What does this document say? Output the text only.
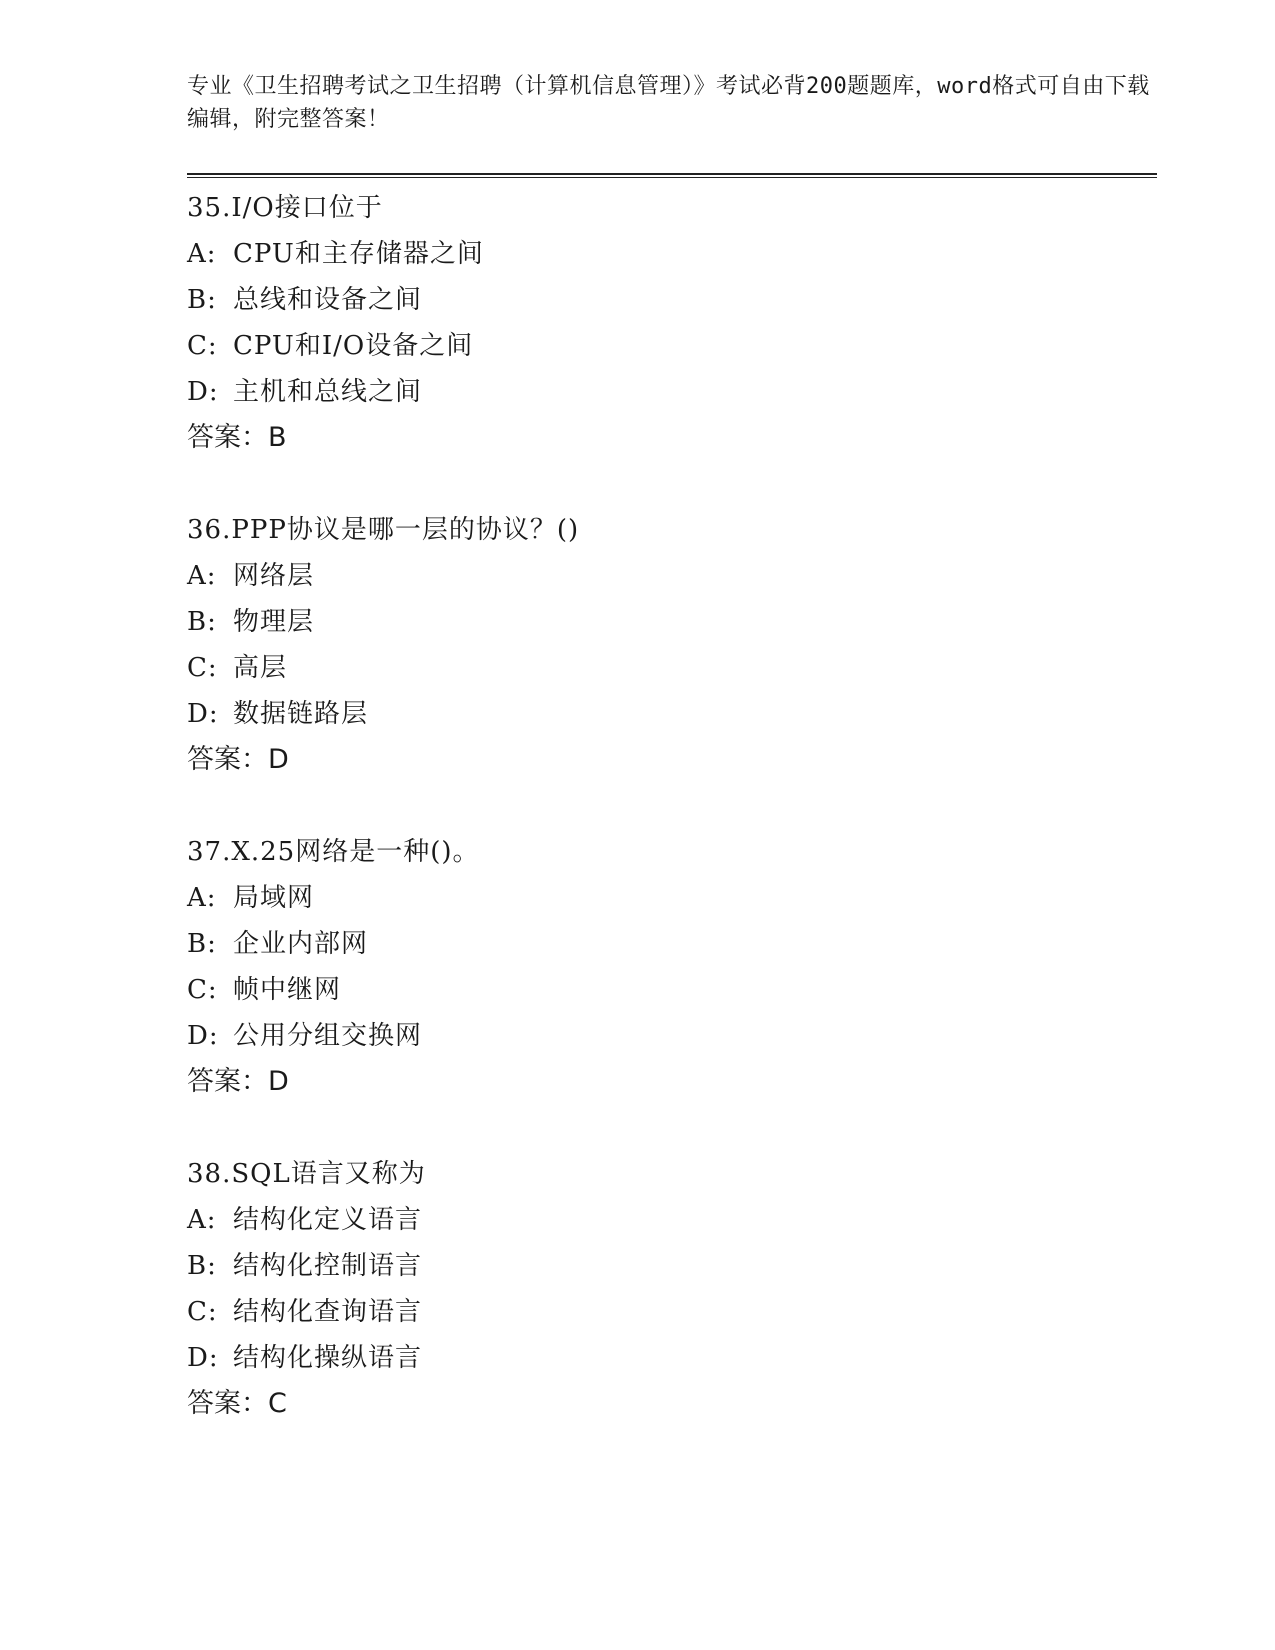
专业《卫生招聘考试之卫生招聘（计算机信息管理）》考试必背200题题库，word格式可自由下载编辑，附完整答案！

35.I/O接口位于
A: CPU和主存储器之间
B: 总线和设备之间
C: CPU和I/O设备之间
D: 主机和总线之间
答案：B
36.PPP协议是哪一层的协议？()
A: 网络层
B: 物理层
C: 高层
D: 数据链路层
答案：D
37.X.25网络是一种()。
A: 局域网
B: 企业内部网
C: 帧中继网
D: 公用分组交换网
答案：D
38.SQL语言又称为
A: 结构化定义语言
B: 结构化控制语言
C: 结构化查询语言
D: 结构化操纵语言
答案：C
